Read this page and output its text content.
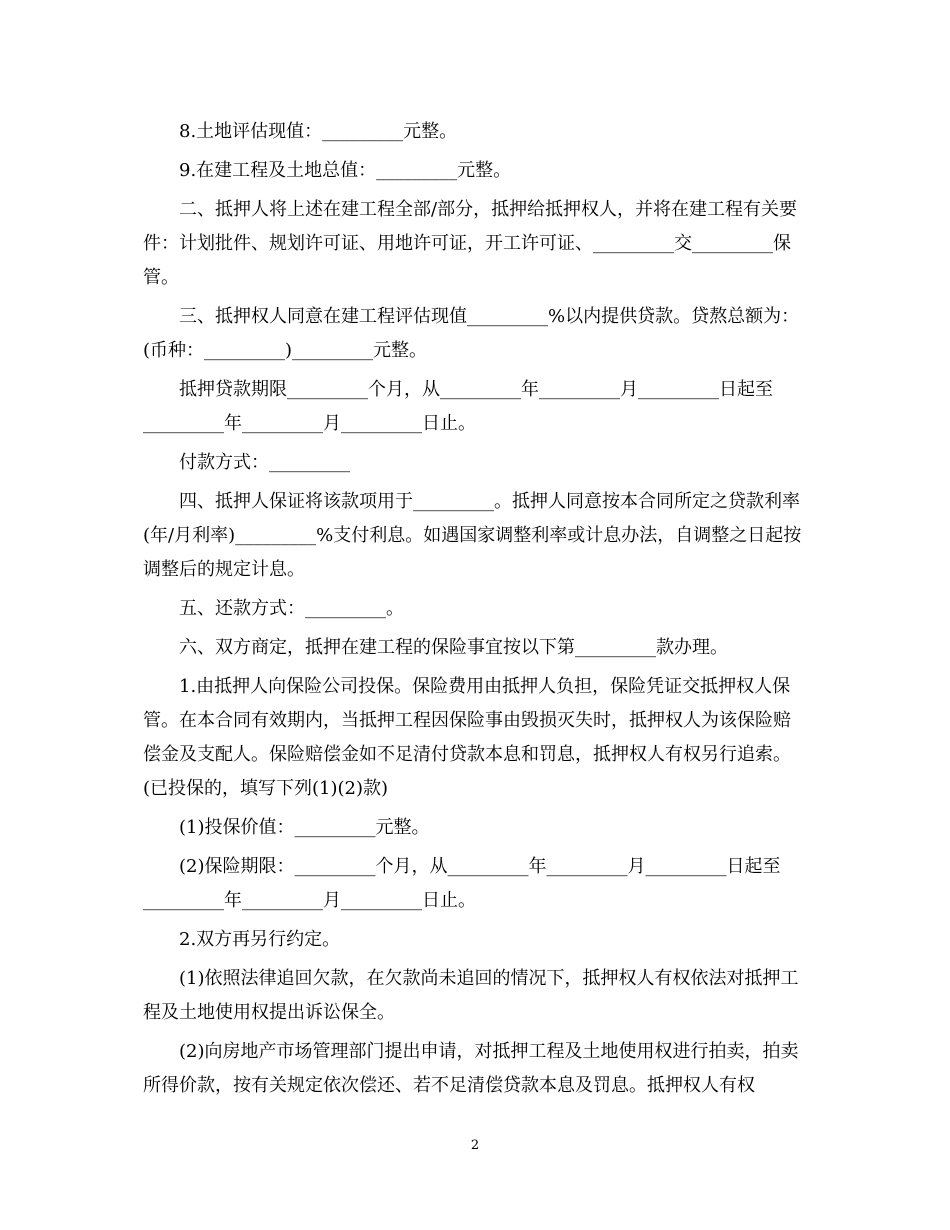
8.土地评估现值：_________元整。

9.在建工程及土地总值：_________元整。

二、抵押人将上述在建工程全部/部分，抵押给抵押权人，并将在建工程有关要件：计划批件、规划许可证、用地许可证，开工许可证、_________交_________保管。

三、抵押权人同意在建工程评估现值_________%以内提供贷款。贷熬总额为：(币种：_________)_________元整。

抵押贷款期限_________个月，从_________年_________月_________日起至_________年_________月_________日止。

付款方式：_________

四、抵押人保证将该款项用于_________。抵押人同意按本合同所定之贷款利率(年/月利率)_________%支付利息。如遇国家调整利率或计息办法，自调整之日起按调整后的规定计息。

五、还款方式：_________。

六、双方商定，抵押在建工程的保险事宜按以下第_________款办理。

1.由抵押人向保险公司投保。保险费用由抵押人负担，保险凭证交抵押权人保管。在本合同有效期内，当抵押工程因保险事由毁损灭失时，抵押权人为该保险赔偿金及支配人。保险赔偿金如不足清付贷款本息和罚息，抵押权人有权另行追索。(已投保的，填写下列(1)(2)款)

(1)投保价值：_________元整。

(2)保险期限：_________个月，从_________年_________月_________日起至_________年_________月_________日止。

2.双方再另行约定。

(1)依照法律追回欠款，在欠款尚未追回的情况下，抵押权人有权依法对抵押工程及土地使用权提出诉讼保全。

(2)向房地产市场管理部门提出申请，对抵押工程及土地使用权进行拍卖，拍卖所得价款，按有关规定依次偿还、若不足清偿贷款本息及罚息。抵押权人有权

2
